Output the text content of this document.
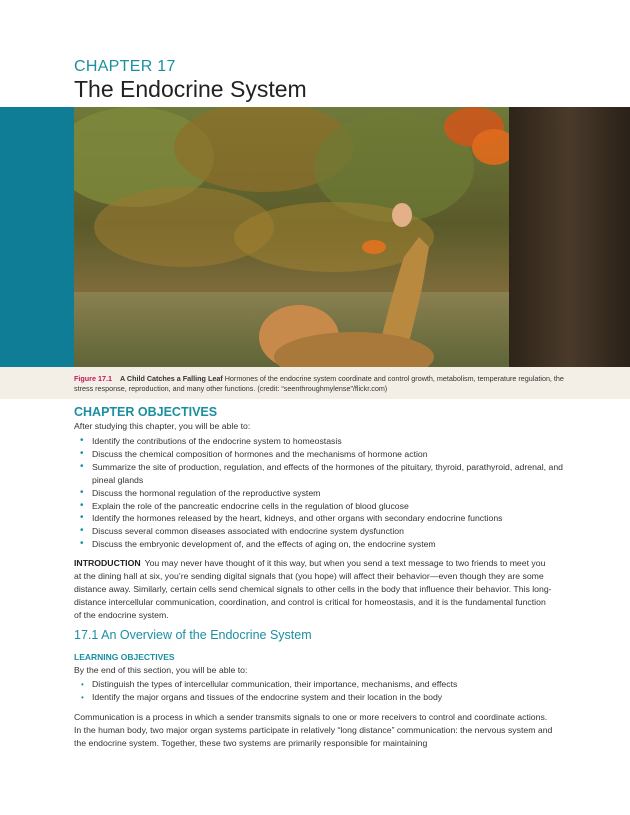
CHAPTER 17
The Endocrine System
Figure 17.1 A Child Catches a Falling Leaf Hormones of the endocrine system coordinate and control growth, metabolism, temperature regulation, the stress response, reproduction, and many other functions. (credit: “seenthroughmylense”/flickr.com)
CHAPTER OBJECTIVES
After studying this chapter, you will be able to:
• Identify the contributions of the endocrine system to homeostasis
• Discuss the chemical composition of hormones and the mechanisms of hormone action
• Summarize the site of production, regulation, and effects of the hormones of the pituitary, thyroid, parathyroid, adrenal, and pineal glands
• Discuss the hormonal regulation of the reproductive system
• Explain the role of the pancreatic endocrine cells in the regulation of blood glucose
• Identify the hormones released by the heart, kidneys, and other organs with secondary endocrine functions
• Discuss several common diseases associated with endocrine system dysfunction
• Discuss the embryonic development of, and the effects of aging on, the endocrine system

INTRODUCTION You may never have thought of it this way, but when you send a text message to two friends to meet you at the dining hall at six, you’re sending digital signals that (you hope) will affect their behavior—even though they are some distance away. Similarly, certain cells send chemical signals to other cells in the body that influence their behavior. This long-distance intercellular communication, coordination, and control is critical for homeostasis, and it is the fundamental function of the endocrine system.

17.1 An Overview of the Endocrine System
LEARNING OBJECTIVES
By the end of this section, you will be able to:
• Distinguish the types of intercellular communication, their importance, mechanisms, and effects
• Identify the major organs and tissues of the endocrine system and their location in the body

Communication is a process in which a sender transmits signals to one or more receivers to control and coordinate actions. In the human body, two major organ systems participate in relatively “long distance” communication: the nervous system and the endocrine system. Together, these two systems are primarily responsible for maintaining
